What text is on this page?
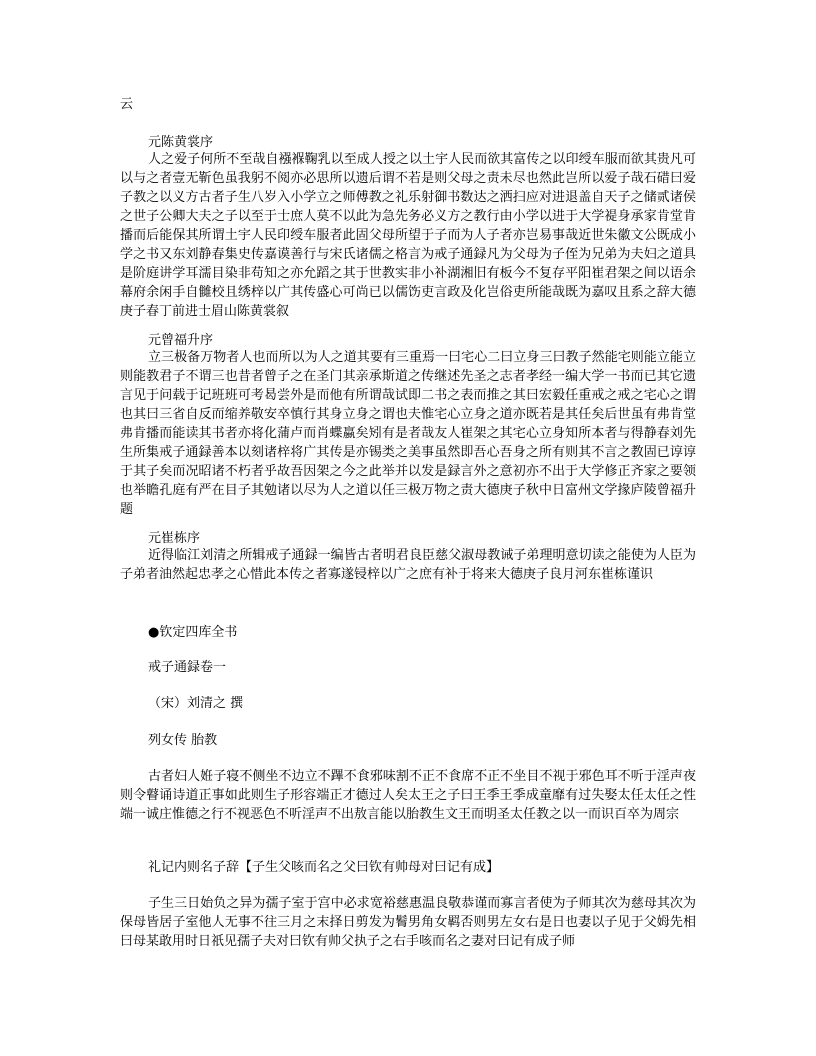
云
元陈黄裳序
人之爱子何所不至哉自襁褓鞠乳以至成人授之以土宇人民而欲其富传之以印绶车服而欲其贵凡可以与之者壹无靳色虽我躬不阅亦必思所以遗后谓不若是则父母之责未尽也然此岂所以爱子哉石碏曰爱子教之以义方古者子生八岁入小学立之师傅教之礼乐射御书数达之洒扫应对进退盖自天子之储贰诸侯之世子公卿大夫之子以至于士庶人莫不以此为急先务必义方之教行由小学以进于大学褆身承家肯堂肯播而后能保其所谓土宇人民印绶车服者此固父母所望于子而为人子者亦岂易事哉近世朱徽文公既成小学之书又东刘静春集史传嘉谟善行与宋氏诸儒之格言为戒子通録凡为父母为子侄为兄弟为夫妇之道具是阶庭讲学耳濡目染非苟知之亦允蹈之其于世教实非小补湖湘旧有板今不复存平阳崔君架之间以语余幕府余闲手自雠校且绣梓以广其传盛心可尚已以儒饬吏言政及化岂俗吏所能哉既为嘉叹且系之辞大德庚子春丁前进士眉山陈黄裳叙
元曾福升序
立三极备万物者人也而所以为人之道其要有三重焉一曰宅心二曰立身三曰教子然能宅则能立能立则能教君子不谓三也昔者曾子之在圣门其亲承斯道之传继述先圣之志者孝经一编大学一书而已其它遗言见于问载于记班班可考曷尝外是而他有所谓哉试即二书之表而推之其曰宏毅任重戒之戒之宅心之谓也其曰三省自反而缩养敬安卒慎行其身立身之谓也夫惟宅心立身之道亦既若是其任矣后世虽有弗肯堂弗肯播而能读其书者亦将化蒲卢而肖蝶蠃矣矧有是者哉友人崔架之其宅心立身知所本者与得静春刘先生所集戒子通録善本以刻诸梓将广其传是亦锡类之美事虽然即吾心吾身之所有则其不言之教固已谆谆于其子矣而况昭诸不朽者乎故吾因架之今之此举并以发是録言外之意初亦不出于大学修正齐家之要领也举瞻孔庭有严在目子其勉诸以尽为人之道以任三极万物之责大德庚子秋中日富州文学掾庐陵曾福升题
元崔栋序
近得临江刘清之所辑戒子通録一编皆古者明君良臣慈父淑母教诫子弟理明意切读之能使为人臣为子弟者油然起忠孝之心惜此本传之者寡遂锓梓以广之庶有补于将来大德庚子良月河东崔栋谨识
●钦定四库全书
戒子通録卷一
（宋）刘清之 撰
列女传 胎教
古者妇人姙子寝不侧坐不边立不蹕不食邪味割不正不食席不正不坐目不视于邪色耳不听于淫声夜则令瞽诵诗道正事如此则生子形容端正才德过人矣太王之子曰王季王季成童靡有过失娶太任太任之性端一诚庄惟德之行不视恶色不听淫声不出敖言能以胎教生文王而明圣太任教之以一而识百卒为周宗
礼记内则名子辞【子生父咳而名之父曰钦有帅母对曰记有成】
子生三日始负之异为孺子室于宫中必求宽裕慈惠温良敬恭谨而寡言者使为子师其次为慈母其次为保母皆居子室他人无事不往三月之末择日剪发为鬌男角女羁否则男左女右是日也妻以子见于父姆先相曰母某敢用时日祇见孺子夫对曰钦有帅父执子之右手咳而名之妻对曰记有成子师
